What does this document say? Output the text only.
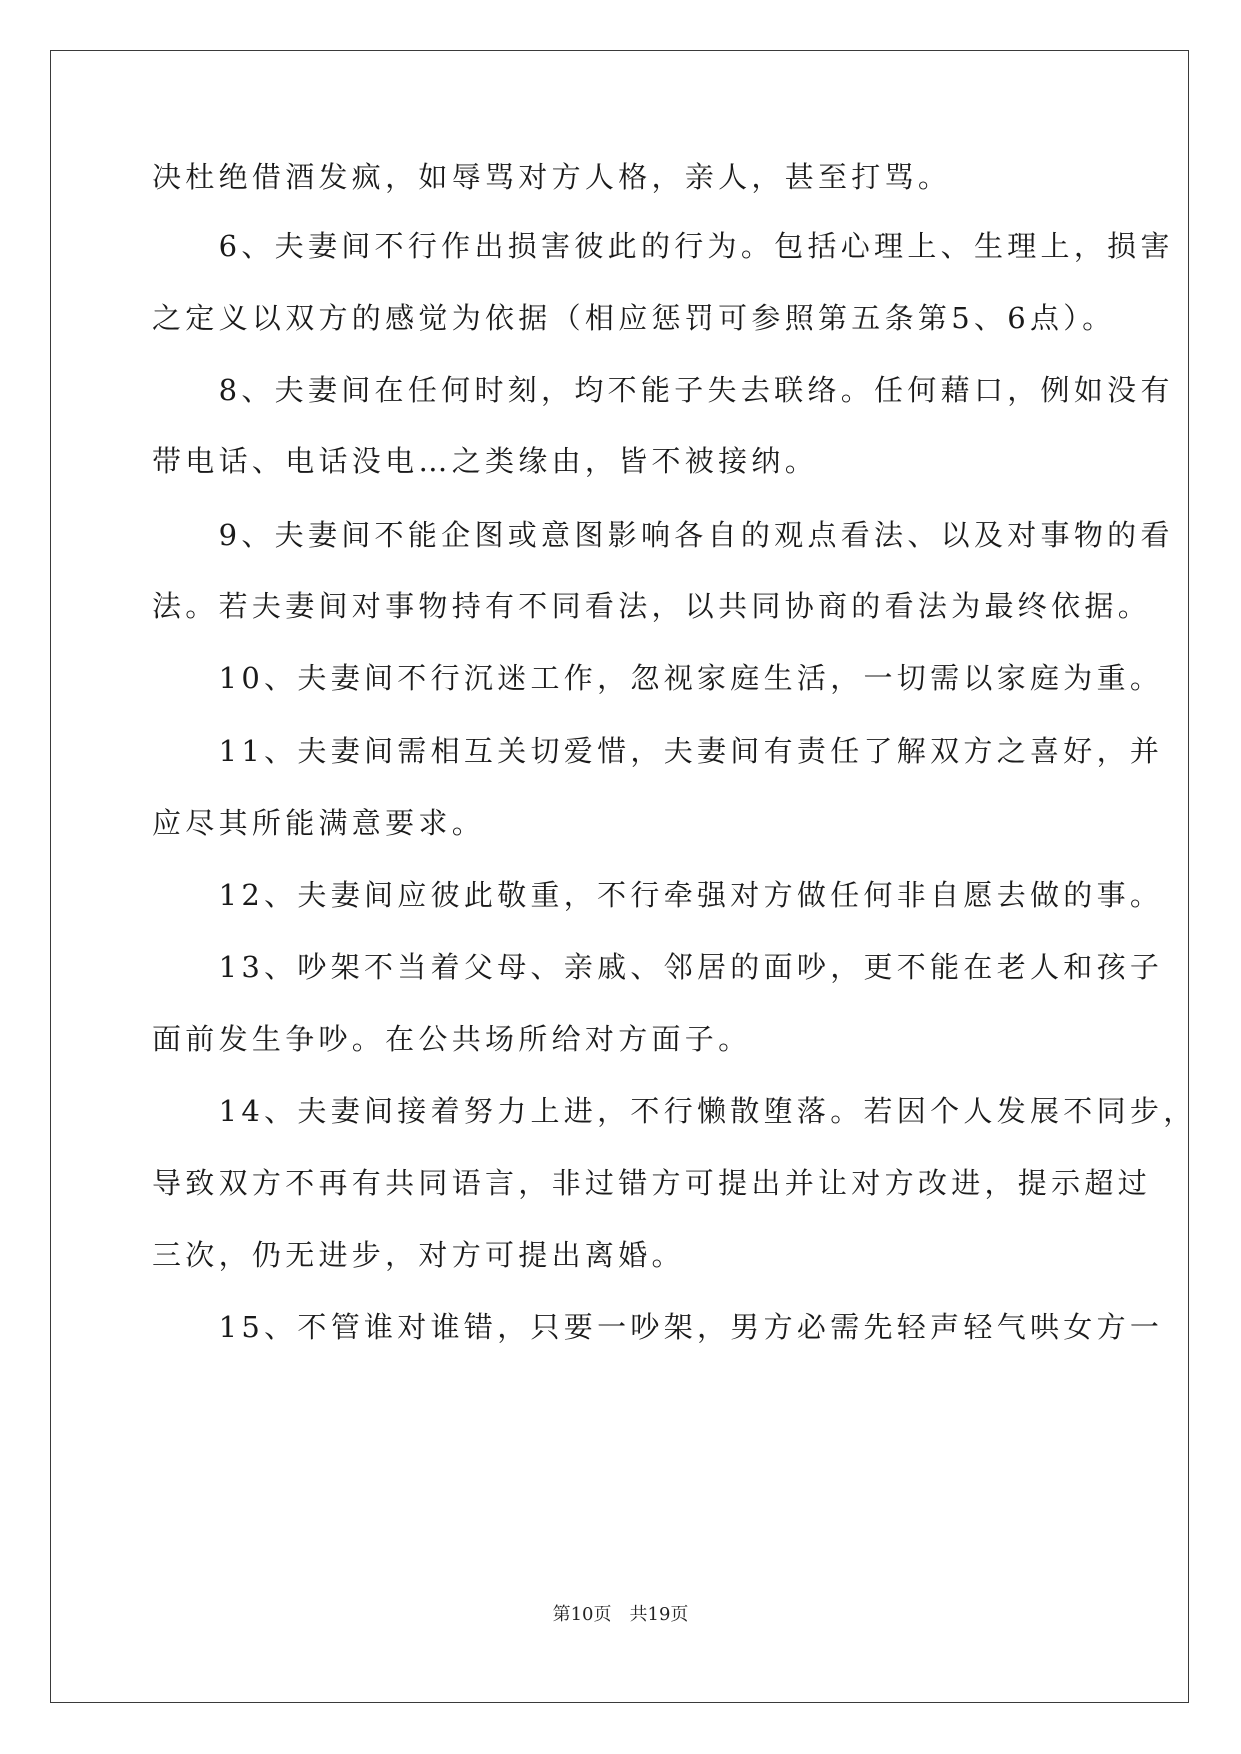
决杜绝借酒发疯，如辱骂对方人格，亲人，甚至打骂。
　　6、夫妻间不行作出损害彼此的行为。包括心理上、生理上，损害
之定义以双方的感觉为依据（相应惩罚可参照第五条第5、6点）。
　　8、夫妻间在任何时刻，均不能子失去联络。任何藉口，例如没有
带电话、电话没电…之类缘由，皆不被接纳。
　　9、夫妻间不能企图或意图影响各自的观点看法、以及对事物的看
法。若夫妻间对事物持有不同看法，以共同协商的看法为最终依据。
　　10、夫妻间不行沉迷工作，忽视家庭生活，一切需以家庭为重。
　　11、夫妻间需相互关切爱惜，夫妻间有责任了解双方之喜好，并
应尽其所能满意要求。
　　12、夫妻间应彼此敬重，不行牵强对方做任何非自愿去做的事。
　　13、吵架不当着父母、亲戚、邻居的面吵，更不能在老人和孩子
面前发生争吵。在公共场所给对方面子。
　　14、夫妻间接着努力上进，不行懒散堕落。若因个人发展不同步，
导致双方不再有共同语言，非过错方可提出并让对方改进，提示超过
三次，仍无进步，对方可提出离婚。
　　15、不管谁对谁错，只要一吵架，男方必需先轻声轻气哄女方一
第10页 共19页
